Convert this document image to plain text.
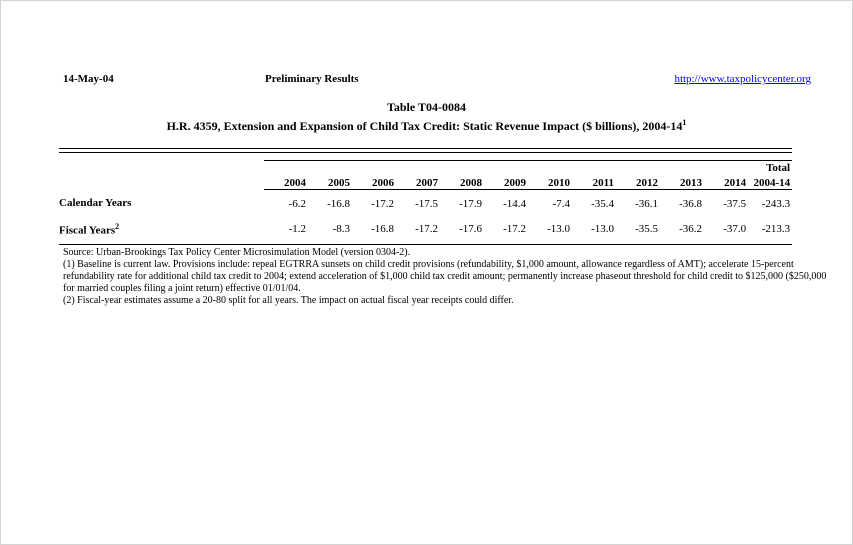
14-May-04	Preliminary Results	http://www.taxpolicycenter.org
Table T04-0084
H.R. 4359, Extension and Expansion of Child Tax Credit: Static Revenue Impact ($ billions), $2004-14^1$
												Total
	2004	2005	2006	2007	2008	2009	2010	2011	2012	2013	2014	2004-14
Calendar Years	-6.2	-16.8	-17.2	-17.5	-17.9	-14.4	-7.4	-35.4	-36.1	-36.8	-37.5	-243.3
Fiscal Years$^2$	-1.2	-8.3	-16.8	-17.2	-17.6	-17.2	-13.0	-13.0	-35.5	-36.2	-37.0	-213.3
Source: Urban-Brookings Tax Policy Center Microsimulation Model (version 0304-2).
(1) Baseline is current law. Provisions include: repeal EGTRRA sunsets on child credit provisions (refundability, $1,000 amount, allowance regardless of AMT); accelerate 15-percent
refundability rate for additional child tax credit to 2004; extend acceleration of $1,000 child tax credit amount; permanently increase phaseout threshold for child credit to $125,000 ($250,000
for married couples filing a joint return) effective 01/01/04.
(2) Fiscal-year estimates assume a 20-80 split for all years. The impact on actual fiscal year receipts could differ.
